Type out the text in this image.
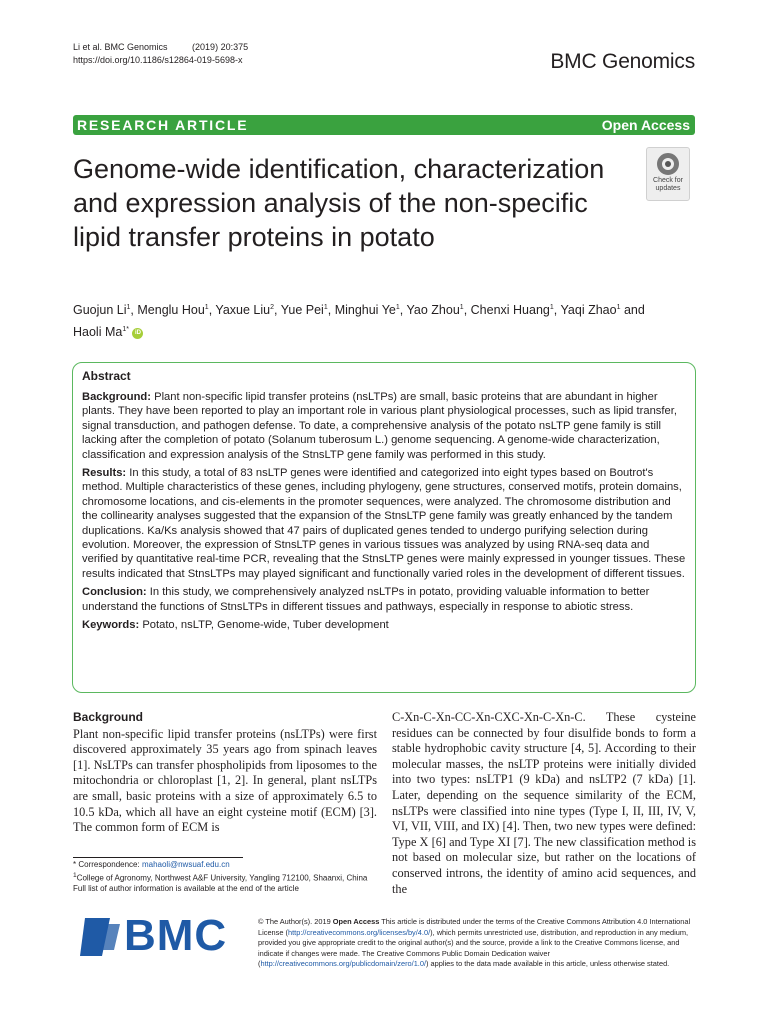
Li et al. BMC Genomics	(2019) 20:375
https://doi.org/10.1186/s12864-019-5698-x	BMC Genomics
RESEARCH ARTICLE	Open Access
Genome-wide identification, characterization and expression analysis of the non-specific lipid transfer proteins in potato
Check for
updates
Guojun Li$^1$, Menglu Hou$^1$, Yaxue Liu$^2$, Yue Pei$^1$, Minghui Ye$^1$, Yao Zhou$^1$, Chenxi Huang$^1$, Yaqi Zhao$^1$ and
Haoli $Ma^{1*}$ iD
Abstract

Background: Plant non-specific lipid transfer proteins (nsLTPs) are small, basic proteins that are abundant in higher plants. They have been reported to play an important role in various plant physiological processes, such as lipid transfer, signal transduction, and pathogen defense. To date, a comprehensive analysis of the potato nsLTP gene family is still lacking after the completion of potato (Solanum tuberosum L.) genome sequencing. A genome-wide characterization, classification and expression analysis of the StnsLTP gene family was performed in this study.

Results: In this study, a total of 83 nsLTP genes were identified and categorized into eight types based on Boutrot's method. Multiple characteristics of these genes, including phylogeny, gene structures, conserved motifs, protein domains, chromosome locations, and cis-elements in the promoter sequences, were analyzed. The chromosome distribution and the collinearity analyses suggested that the expansion of the StnsLTP gene family was greatly enhanced by the tandem duplications. Ka/Ks analysis showed that 47 pairs of duplicated genes tended to undergo purifying selection during evolution. Moreover, the expression of StnsLTP genes in various tissues was analyzed by using RNA-seq data and verified by quantitative real-time PCR, revealing that the StnsLTP genes were mainly expressed in younger tissues. These results indicated that StnsLTPs may played significant and functionally varied roles in the development of different tissues.

Conclusion: In this study, we comprehensively analyzed nsLTPs in potato, providing valuable information to better understand the functions of StnsLTPs in different tissues and pathways, especially in response to abiotic stress.

Keywords: Potato, nsLTP, Genome-wide, Tuber development

Background
Plant non-specific lipid transfer proteins (nsLTPs) were first discovered approximately 35 years ago from spinach leaves [1]. NsLTPs can transfer phospholipids from liposomes to the mitochondria or chloroplast [1, 2]. In general, plant nsLTPs are small, basic proteins with a size of approximately 6.5 to 10.5 kDa, which all have an eight cysteine motif (ECM) [3]. The common form of ECM is
C-Xn-C-Xn-CC-Xn-CXC-Xn-C-Xn-C. These cysteine residues can be connected by four disulfide bonds to form a stable hydrophobic cavity structure [4, 5]. According to their molecular masses, the nsLTP proteins were initially divided into two types: nsLTP1 (9 kDa) and nsLTP2 (7 kDa) [1]. Later, depending on the sequence similarity of the ECM, nsLTPs were classified into nine types (Type I, II, III, IV, V, VI, VII, VIII, and IX) [4]. Then, two new types were defined: Type X [6] and Type XI [7]. The new classification method is not based on molecular size, but rather on the locations of conserved introns, the identity of amino acid sequences, and the
* Correspondence: mahaoli@nwsuaf.edu.cn
$^1$College of Agronomy, Northwest A&F University, Yangling 712100, Shaanxi, China
Full list of author information is available at the end of the article
BMC	© The Author(s). 2019 Open Access This article is distributed under the terms of the Creative Commons Attribution 4.0 International License (http://creativecommons.org/licenses/by/4.0/), which permits unrestricted use, distribution, and reproduction in any medium, provided you give appropriate credit to the original author(s) and the source, provide a link to the Creative Commons license, and indicate if changes were made. The Creative Commons Public Domain Dedication waiver (http://creativecommons.org/publicdomain/zero/1.0/) applies to the data made available in this article, unless otherwise stated.
